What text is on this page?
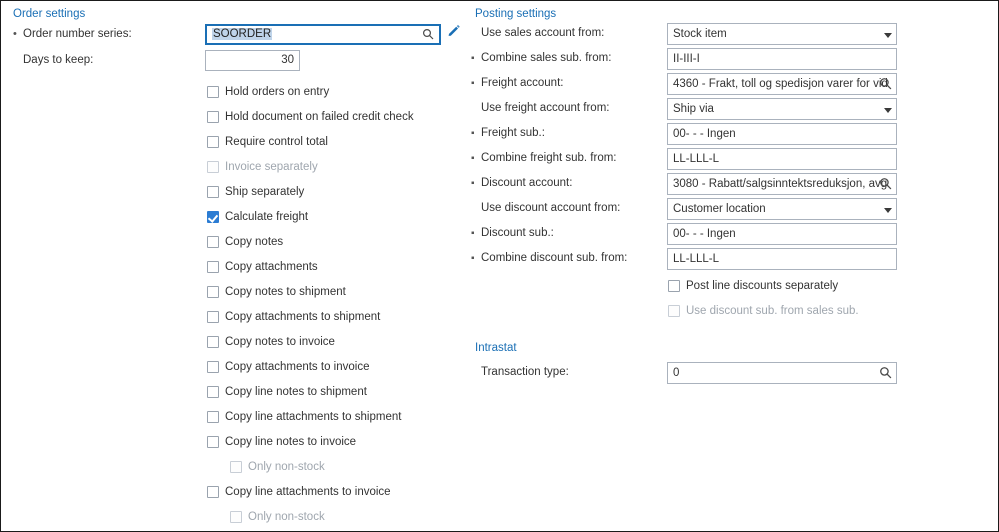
Order settings
• Order number series:	SOORDER
Days to keep:	30
Hold orders on entry
Hold document on failed credit check
Require control total
Invoice separately
Ship separately
Calculate freight
Copy notes
Copy attachments
Copy notes to shipment
Copy attachments to shipment
Copy notes to invoice
Copy attachments to invoice
Copy line notes to shipment
Copy line attachments to shipment
Copy line notes to invoice
Only non-stock
Copy line attachments to invoice
Only non-stock
Posting settings
Use sales account from:	Stock item
▪ Combine sales sub. from:	II-III-I
▪ Freight account:	4360 - Frakt, toll og spedisjon varer for vid
Use freight account from:	Ship via
▪ Freight sub.:	00- - - Ingen
▪ Combine freight sub. from:	LL-LLL-L
▪ Discount account:	3080 - Rabatt/salgsinntektsreduksjon, avg
Use discount account from:	Customer location
▪ Discount sub.:	00- - - Ingen
▪ Combine discount sub. from:	LL-LLL-L
Post line discounts separately
Use discount sub. from sales sub.
Intrastat
Transaction type:	0
